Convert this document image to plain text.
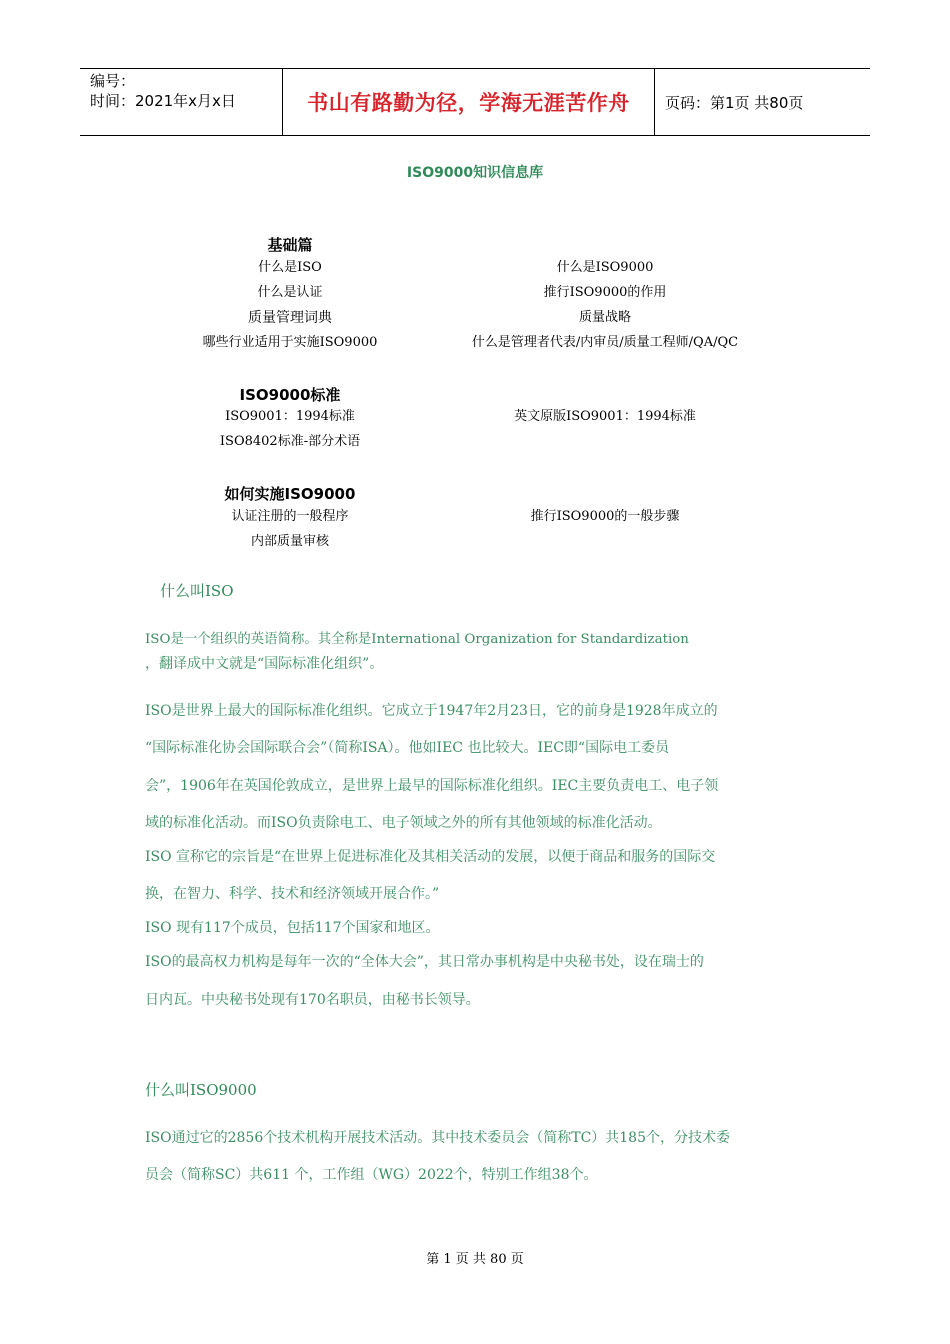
编号：
时间：2021年x月x日	书山有路勤为径，学海无涯苦作舟	页码：第1页 共80页
ISO9000知识信息库
基础篇
什么是ISO	什么是ISO9000
什么是认证	推行ISO9000的作用
质量管理词典	质量战略
哪些行业适用于实施ISO9000	什么是管理者代表/内审员/质量工程师/QA/QC
ISO9000标准
ISO9001：1994标准	英文原版ISO9001：1994标准
ISO8402标准-部分术语
如何实施ISO9000
认证注册的一般程序	推行ISO9000的一般步骤
内部质量审核
什么叫ISO
ISO是一个组织的英语简称。其全称是International Organization for Standardization
，翻译成中文就是“国际标准化组织”。
ISO是世界上最大的国际标准化组织。它成立于1947年2月23日，它的前身是1928年成立的
“国际标准化协会国际联合会”（简称ISA）。他如IEC 也比较大。IEC即“国际电工委员
会”，1906年在英国伦敦成立，是世界上最早的国际标准化组织。IEC主要负责电工、电子领
域的标准化活动。而ISO负责除电工、电子领域之外的所有其他领域的标准化活动。
ISO 宣称它的宗旨是“在世界上促进标准化及其相关活动的发展，以便于商品和服务的国际交
换，在智力、科学、技术和经济领域开展合作。”
ISO 现有117个成员，包括117个国家和地区。
ISO的最高权力机构是每年一次的“全体大会”，其日常办事机构是中央秘书处，设在瑞士的
日内瓦。中央秘书处现有170名职员，由秘书长领导。
什么叫ISO9000
ISO通过它的2856个技术机构开展技术活动。其中技术委员会（简称TC）共185个，分技术委
员会（简称SC）共611 个，工作组（WG）2022个，特别工作组38个。
第 1 页 共 80 页
